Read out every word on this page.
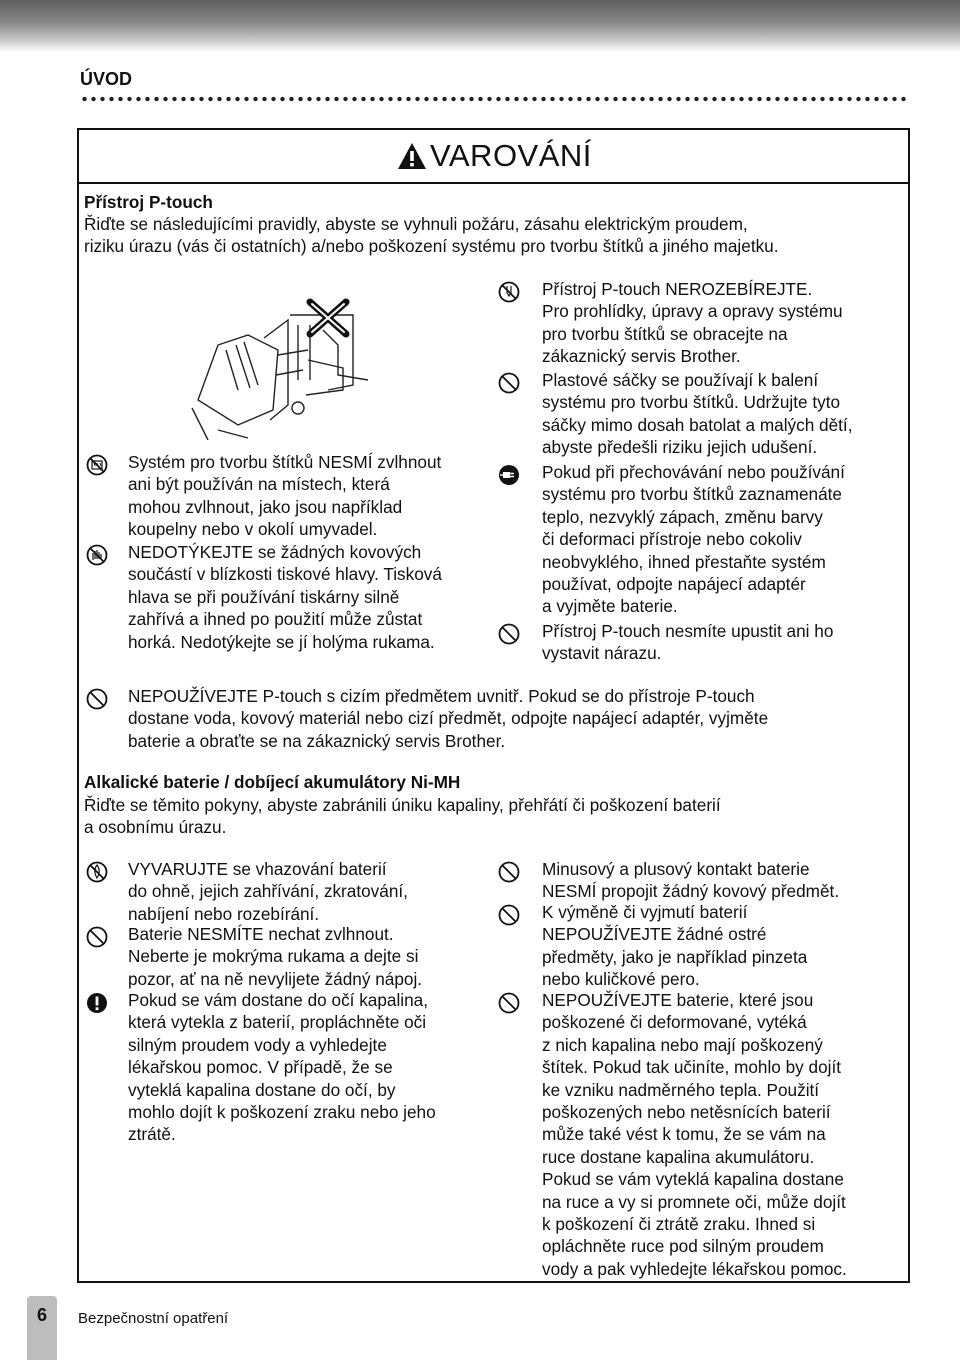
ÚVOD
VAROVÁNÍ
Přístroj P-touch

Řiďte se následujícími pravidly, abyste se vyhnuli požáru, zásahu elektrickým proudem,

riziku úrazu (vás či ostatních) a/nebo poškození systému pro tvorbu štítků a jiného majetku.

Systém pro tvorbu štítků NESMÍ zvlhnout

ani být používán na místech, která

mohou zvlhnout, jako jsou například

koupelny nebo v okolí umyvadel.

NEDOTÝKEJTE se žádných kovových

součástí v blízkosti tiskové hlavy. Tisková

hlava se při používání tiskárny silně

zahřívá a ihned po použití může zůstat

horká. Nedotýkejte se jí holýma rukama.

Přístroj P-touch NEROZEBÍREJTE.

Pro prohlídky, úpravy a opravy systému

pro tvorbu štítků se obracejte na

zákaznický servis Brother.

Plastové sáčky se používají k balení

systému pro tvorbu štítků. Udržujte tyto

sáčky mimo dosah batolat a malých dětí,

abyste předešli riziku jejich udušení.

Pokud při přechovávání nebo používání

systému pro tvorbu štítků zaznamenáte

teplo, nezvyklý zápach, změnu barvy

či deformaci přístroje nebo cokoliv

neobvyklého, ihned přestaňte systém

používat, odpojte napájecí adaptér

a vyjměte baterie.

Přístroj P-touch nesmíte upustit ani ho

vystavit nárazu.

NEPOUŽÍVEJTE P-touch s cizím předmětem uvnitř. Pokud se do přístroje P-touch

dostane voda, kovový materiál nebo cizí předmět, odpojte napájecí adaptér, vyjměte

baterie a obraťte se na zákaznický servis Brother.

Alkalické baterie / dobíjecí akumulátory Ni-MH

Řiďte se těmito pokyny, abyste zabránili úniku kapaliny, přehřátí či poškození baterií

a osobnímu úrazu.

VYVARUJTE se vhazování baterií

do ohně, jejich zahřívání, zkratování,

nabíjení nebo rozebírání.

Baterie NESMÍTE nechat zvlhnout.

Neberte je mokrýma rukama a dejte si

pozor, ať na ně nevylijete žádný nápoj.

Pokud se vám dostane do očí kapalina,

která vytekla z baterií, propláchněte oči

silným proudem vody a vyhledejte

lékařskou pomoc. V případě, že se

vyteklá kapalina dostane do očí, by

mohlo dojít k poškození zraku nebo jeho

ztrátě.

Minusový a plusový kontakt baterie

NESMÍ propojit žádný kovový předmět.

K výměně či vyjmutí baterií

NEPOUŽÍVEJTE žádné ostré

předměty, jako je například pinzeta

nebo kuličkové pero.

NEPOUŽÍVEJTE baterie, které jsou

poškozené či deformované, vytéká

z nich kapalina nebo mají poškozený

štítek. Pokud tak učiníte, mohlo by dojít

ke vzniku nadměrného tepla. Použití

poškozených nebo netěsnících baterií

může také vést k tomu, že se vám na

ruce dostane kapalina akumulátoru.

Pokud se vám vyteklá kapalina dostane

na ruce a vy si promnete oči, může dojít

k poškození či ztrátě zraku. Ihned si

opláchněte ruce pod silným proudem

vody a pak vyhledejte lékařskou pomoc.

6	Bezpečnostní opatření
